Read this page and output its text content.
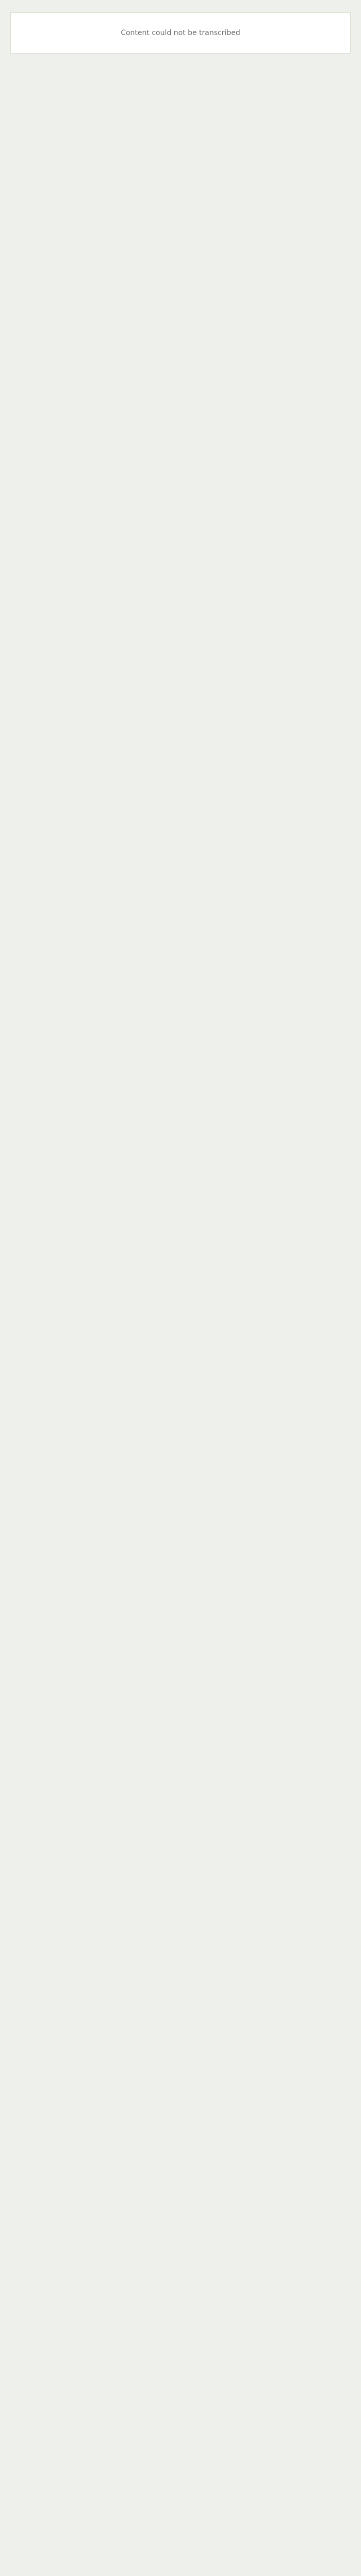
Content could not be transcribed
